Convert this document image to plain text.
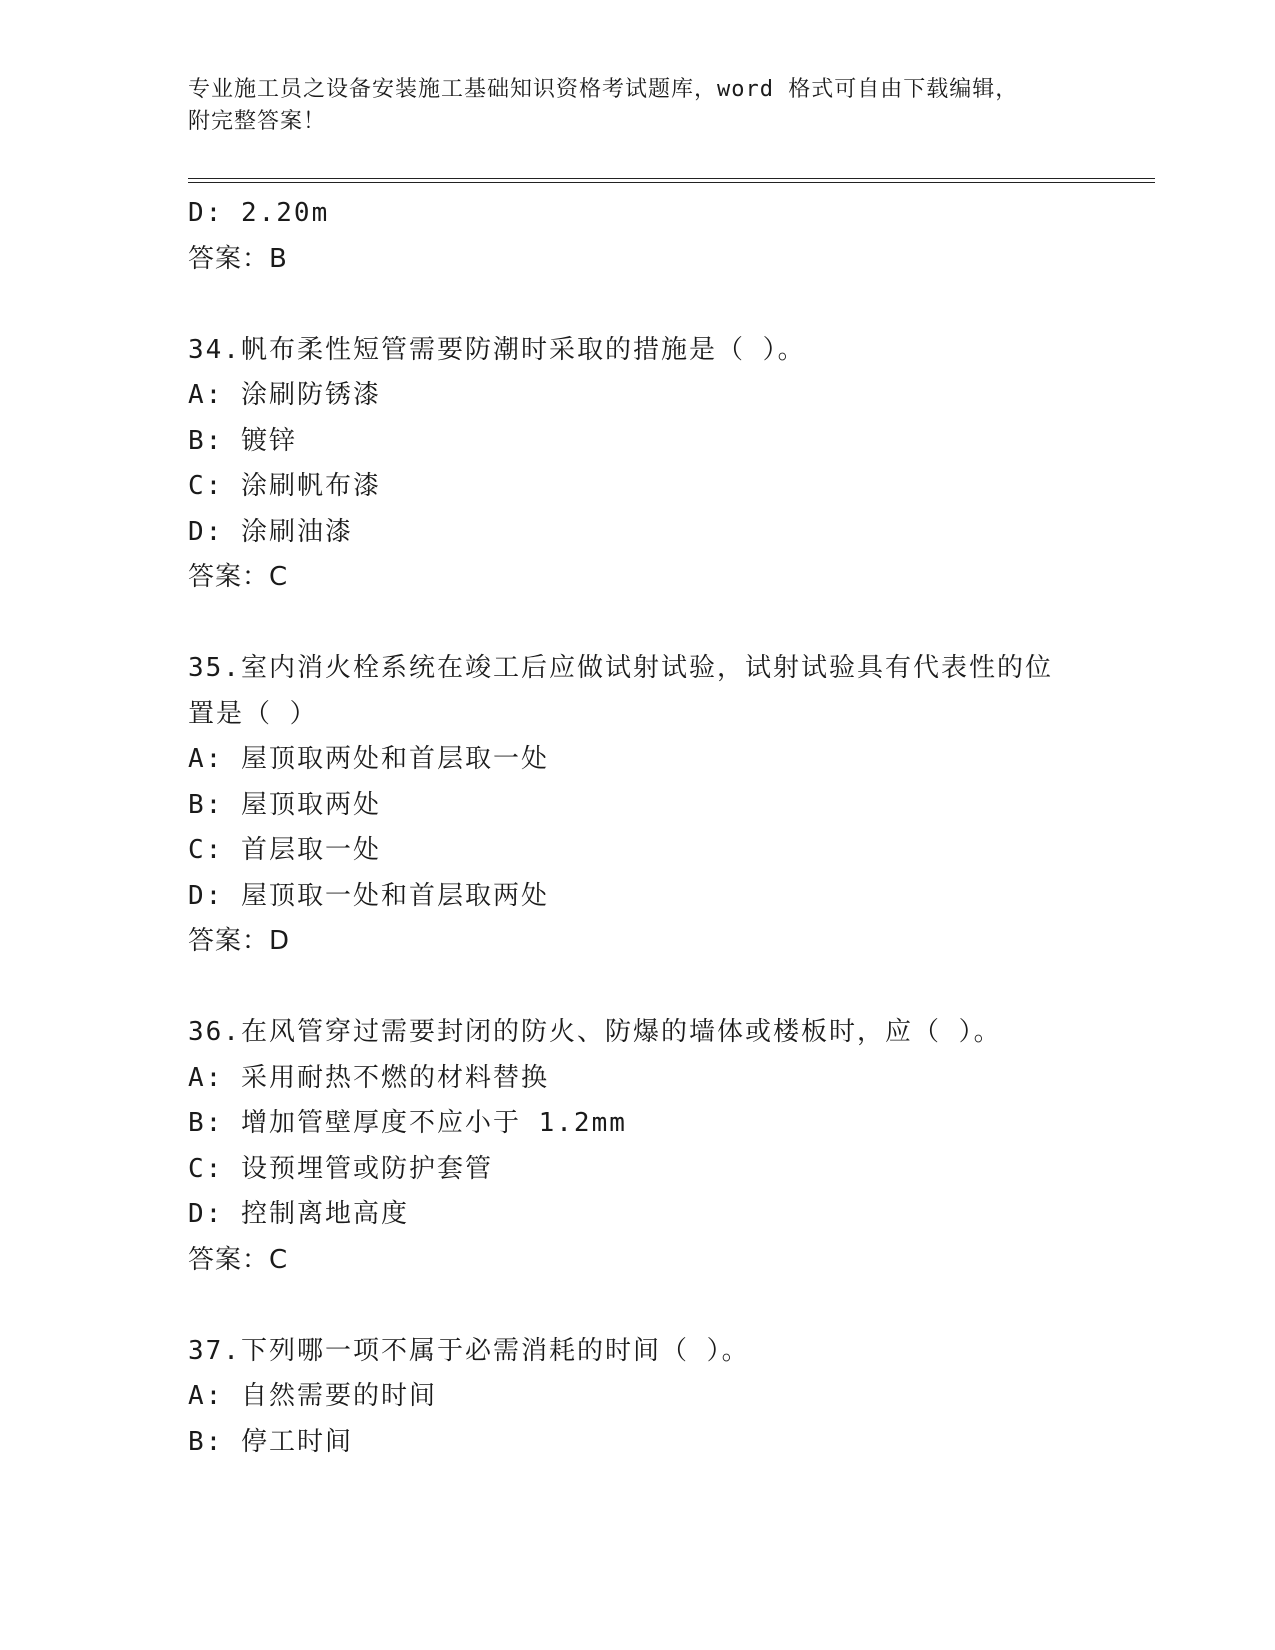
专业施工员之设备安装施工基础知识资格考试题库，word 格式可自由下载编辑，
附完整答案！
D: 2.20m
答案：B
34.帆布柔性短管需要防潮时采取的措施是（ ）。
A: 涂刷防锈漆
B: 镀锌
C: 涂刷帆布漆
D: 涂刷油漆
答案：C
35.室内消火栓系统在竣工后应做试射试验，试射试验具有代表性的位
置是（ ）
A: 屋顶取两处和首层取一处
B: 屋顶取两处
C: 首层取一处
D: 屋顶取一处和首层取两处
答案：D
36.在风管穿过需要封闭的防火、防爆的墙体或楼板时，应（ ）。
A: 采用耐热不燃的材料替换
B: 增加管壁厚度不应小于 1.2mm
C: 设预埋管或防护套管
D: 控制离地高度
答案：C
37.下列哪一项不属于必需消耗的时间（ ）。
A: 自然需要的时间
B: 停工时间
